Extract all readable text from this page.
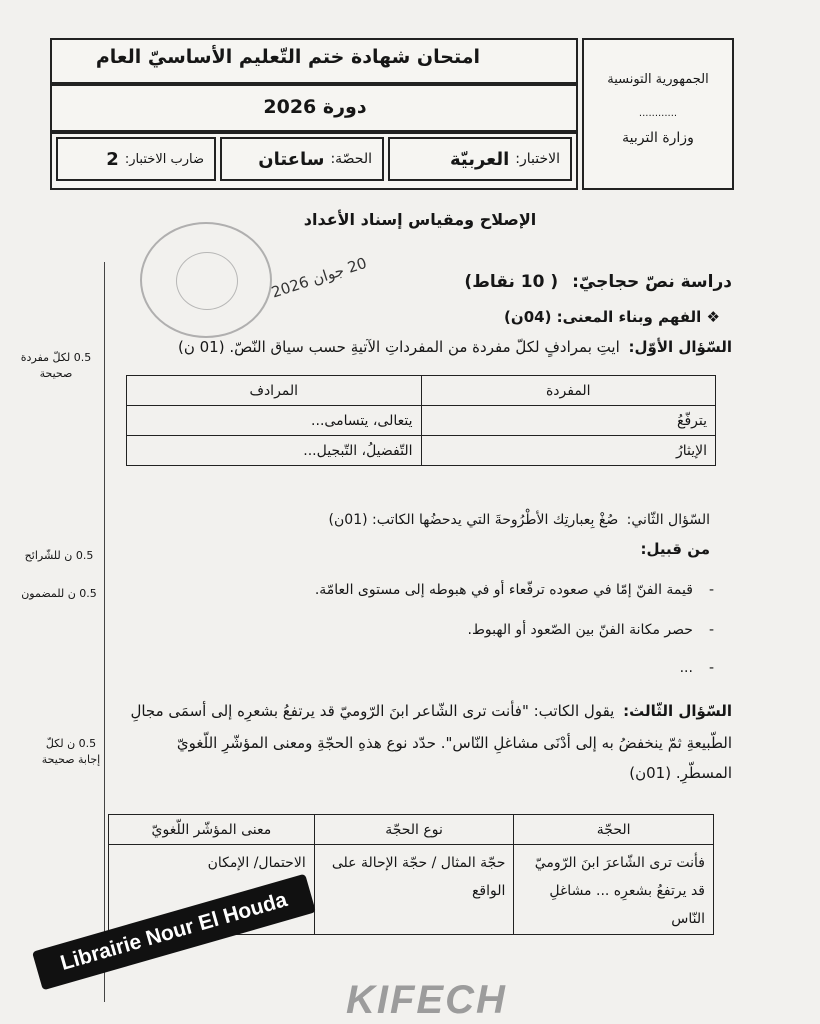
امتحان شهادة ختم التّعليم الأساسيّ العام
دورة 2026
الاختبار:
العربيّة
الحصّة:
ساعتان
ضارب الاختبار:
2
الجمهورية التونسية
............
وزارة التربية
الإصلاح ومقياس إسناد الأعداد
20 جوان 2026
0.5 لكلّ مفردة صحيحة
0.5 ن للشّرائح
0.5 ن للمضمون
0.5 ن لكلّ إجابة صحيحة
دراسة نصّ حجاجيّ: ( 10 نقاط)
❖ الفهم وبناء المعنى: (04ن)
السّؤال الأوّل: ايتِ بمرادفٍ لكلّ مفردة من المفرداتِ الآتيةِ حسب سياق النّصّ. (01 ن)
المفردة	المرادف
يترفّعُ	يتعالى، يتسامى...
الإيثارُ	التّفضيلُ، التّبجيل...
السّؤال الثّاني: صُغْ بِعبارتِك الأطْرُوحةَ التي يدحضُها الكاتب: (01ن)
من قبيل:
-قيمة الفنّ إمّا في صعوده ترفّعاء أو في هبوطه إلى مستوى العامّة.
-حصر مكانة الفنّ بين الصّعود أو الهبوط.
-...
السّؤال الثّالث: يقول الكاتب: "فأنت ترى الشّاعر ابنَ الرّوميّ قد يرتفعُ بشعرِه إلى أسمَى مجالِ
الطّبيعةِ ثمّ ينخفضُ به إلى أدْنَى مشاغلِ النّاس". حدّد نوع هذهِ الحجّةِ ومعنى المؤشّرِ اللّغويّ
المسطّرِ. (01ن)
الحجّة	نوع الحجّة	معنى المؤشّر اللّغويّ
فأنت ترى الشّاعرَ ابنَ الرّوميّ قد يرتفعُ بشعرِه ... مشاغلِ النّاس	حجّة المثال / حجّة الإحالة على الواقع	الاحتمال/ الإمكان
Librairie Nour El Houda
KIFECH
